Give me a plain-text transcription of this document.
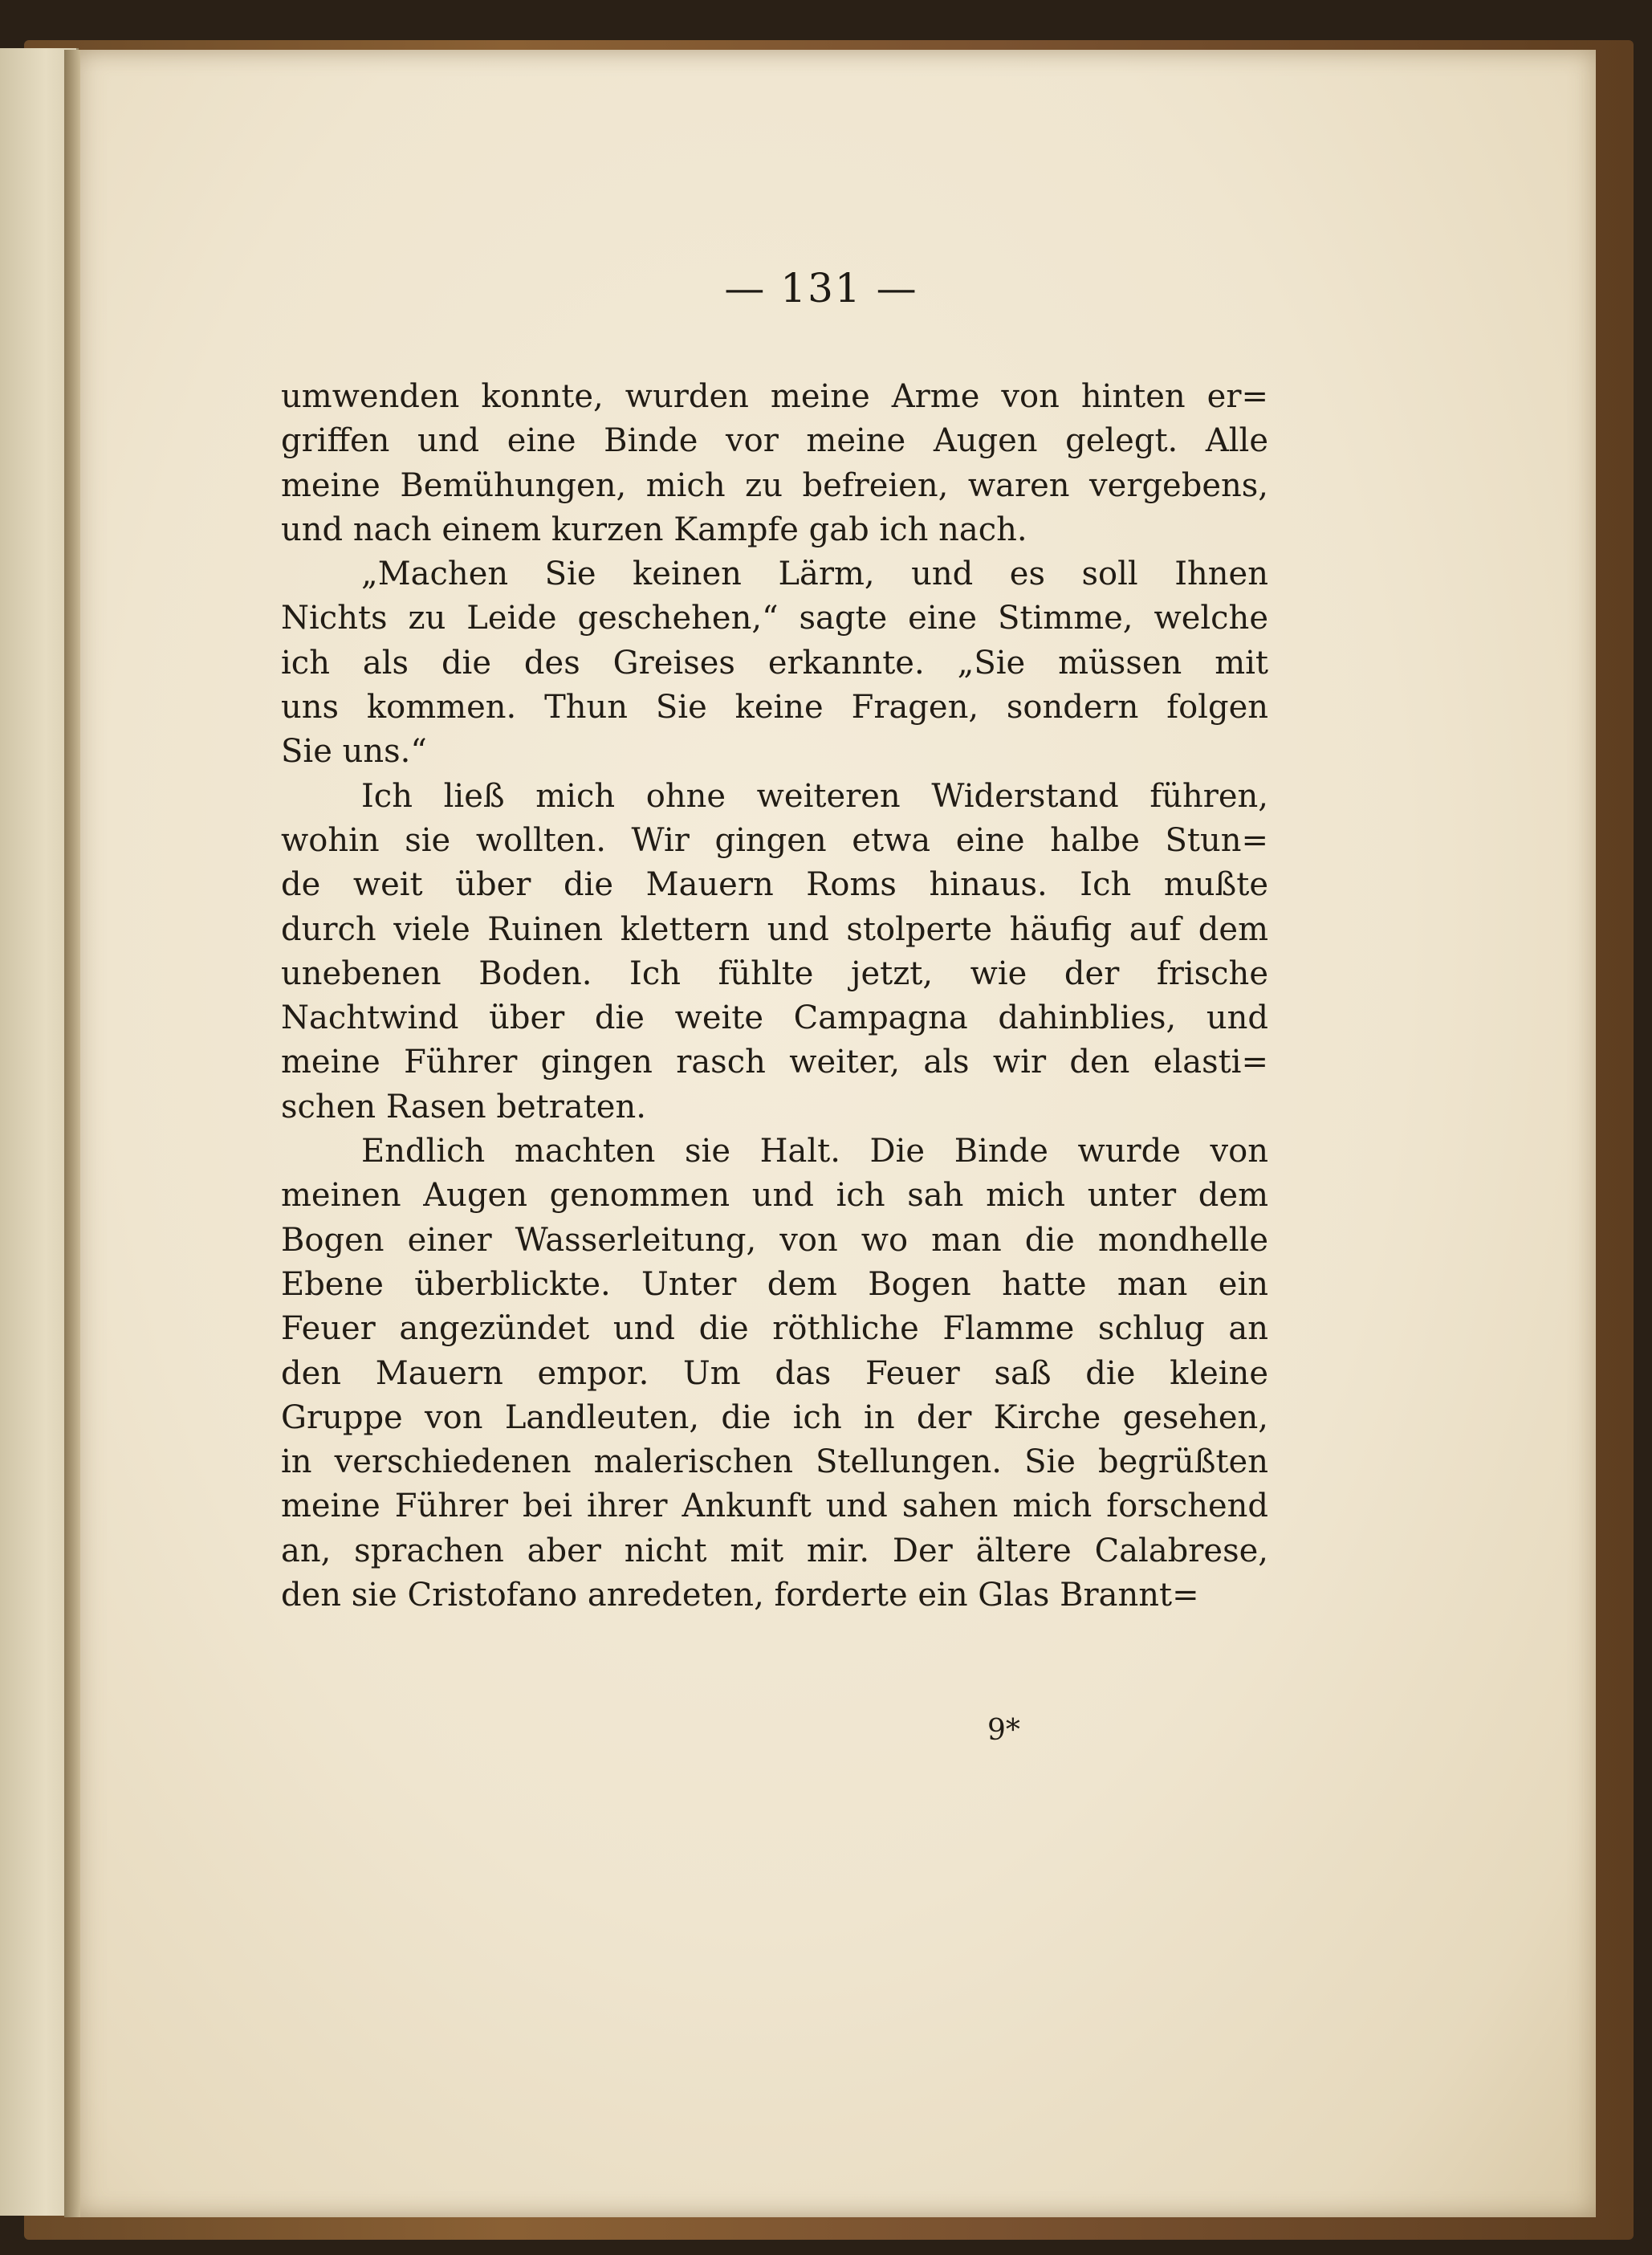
— 131 —
umwenden konnte, wurden meine Arme von hinten er=
griffen und eine Binde vor meine Augen gelegt. Alle
meine Bemühungen, mich zu befreien, waren vergebens,
und nach einem kurzen Kampfe gab ich nach.
„Machen Sie keinen Lärm, und es soll Ihnen
Nichts zu Leide geschehen,“ sagte eine Stimme, welche
ich als die des Greises erkannte. „Sie müssen mit
uns kommen. Thun Sie keine Fragen, sondern folgen
Sie uns.“
Ich ließ mich ohne weiteren Widerstand führen,
wohin sie wollten. Wir gingen etwa eine halbe Stun=
de weit über die Mauern Roms hinaus. Ich mußte
durch viele Ruinen klettern und stolperte häufig auf dem
unebenen Boden. Ich fühlte jetzt, wie der frische
Nachtwind über die weite Campagna dahinblies, und
meine Führer gingen rasch weiter, als wir den elasti=
schen Rasen betraten.
Endlich machten sie Halt. Die Binde wurde von
meinen Augen genommen und ich sah mich unter dem
Bogen einer Wasserleitung, von wo man die mondhelle
Ebene überblickte. Unter dem Bogen hatte man ein
Feuer angezündet und die röthliche Flamme schlug an
den Mauern empor. Um das Feuer saß die kleine
Gruppe von Landleuten, die ich in der Kirche gesehen,
in verschiedenen malerischen Stellungen. Sie begrüßten
meine Führer bei ihrer Ankunft und sahen mich forschend
an, sprachen aber nicht mit mir. Der ältere Calabrese,
den sie Cristofano anredeten, forderte ein Glas Brannt=
9*
